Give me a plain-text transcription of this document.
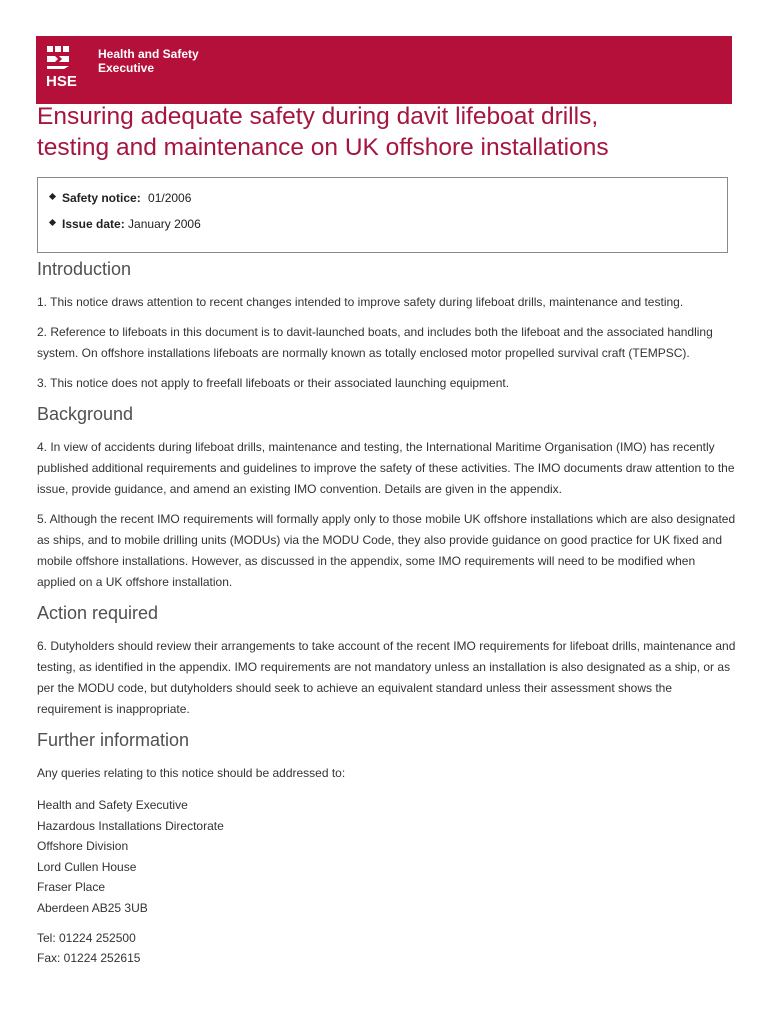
HSE
Health and Safety
Executive
Ensuring adequate safety during davit lifeboat drills,
testing and maintenance on UK offshore installations
Safety notice: 01/2006
Issue date: January 2006
Introduction

1. This notice draws attention to recent changes intended to improve safety during lifeboat drills, maintenance and testing.

2. Reference to lifeboats in this document is to davit-launched boats, and includes both the lifeboat and the associated handling system. On offshore installations lifeboats are normally known as totally enclosed motor propelled survival craft (TEMPSC).

3. This notice does not apply to freefall lifeboats or their associated launching equipment.

Background

4. In view of accidents during lifeboat drills, maintenance and testing, the International Maritime Organisation (IMO) has recently published additional requirements and guidelines to improve the safety of these activities. The IMO documents draw attention to the issue, provide guidance, and amend an existing IMO convention. Details are given in the appendix.

5. Although the recent IMO requirements will formally apply only to those mobile UK offshore installations which are also designated as ships, and to mobile drilling units (MODUs) via the MODU Code, they also provide guidance on good practice for UK fixed and mobile offshore installations. However, as discussed in the appendix, some IMO requirements will need to be modified when applied on a UK offshore installation.

Action required

6. Dutyholders should review their arrangements to take account of the recent IMO requirements for lifeboat drills, maintenance and testing, as identified in the appendix. IMO requirements are not mandatory unless an installation is also designated as a ship, or as per the MODU code, but dutyholders should seek to achieve an equivalent standard unless their assessment shows the requirement is inappropriate.

Further information

Any queries relating to this notice should be addressed to:

Health and Safety Executive

Hazardous Installations Directorate

Offshore Division

Lord Cullen House

Fraser Place

Aberdeen AB25 3UB

Tel: 01224 252500

Fax: 01224 252615
